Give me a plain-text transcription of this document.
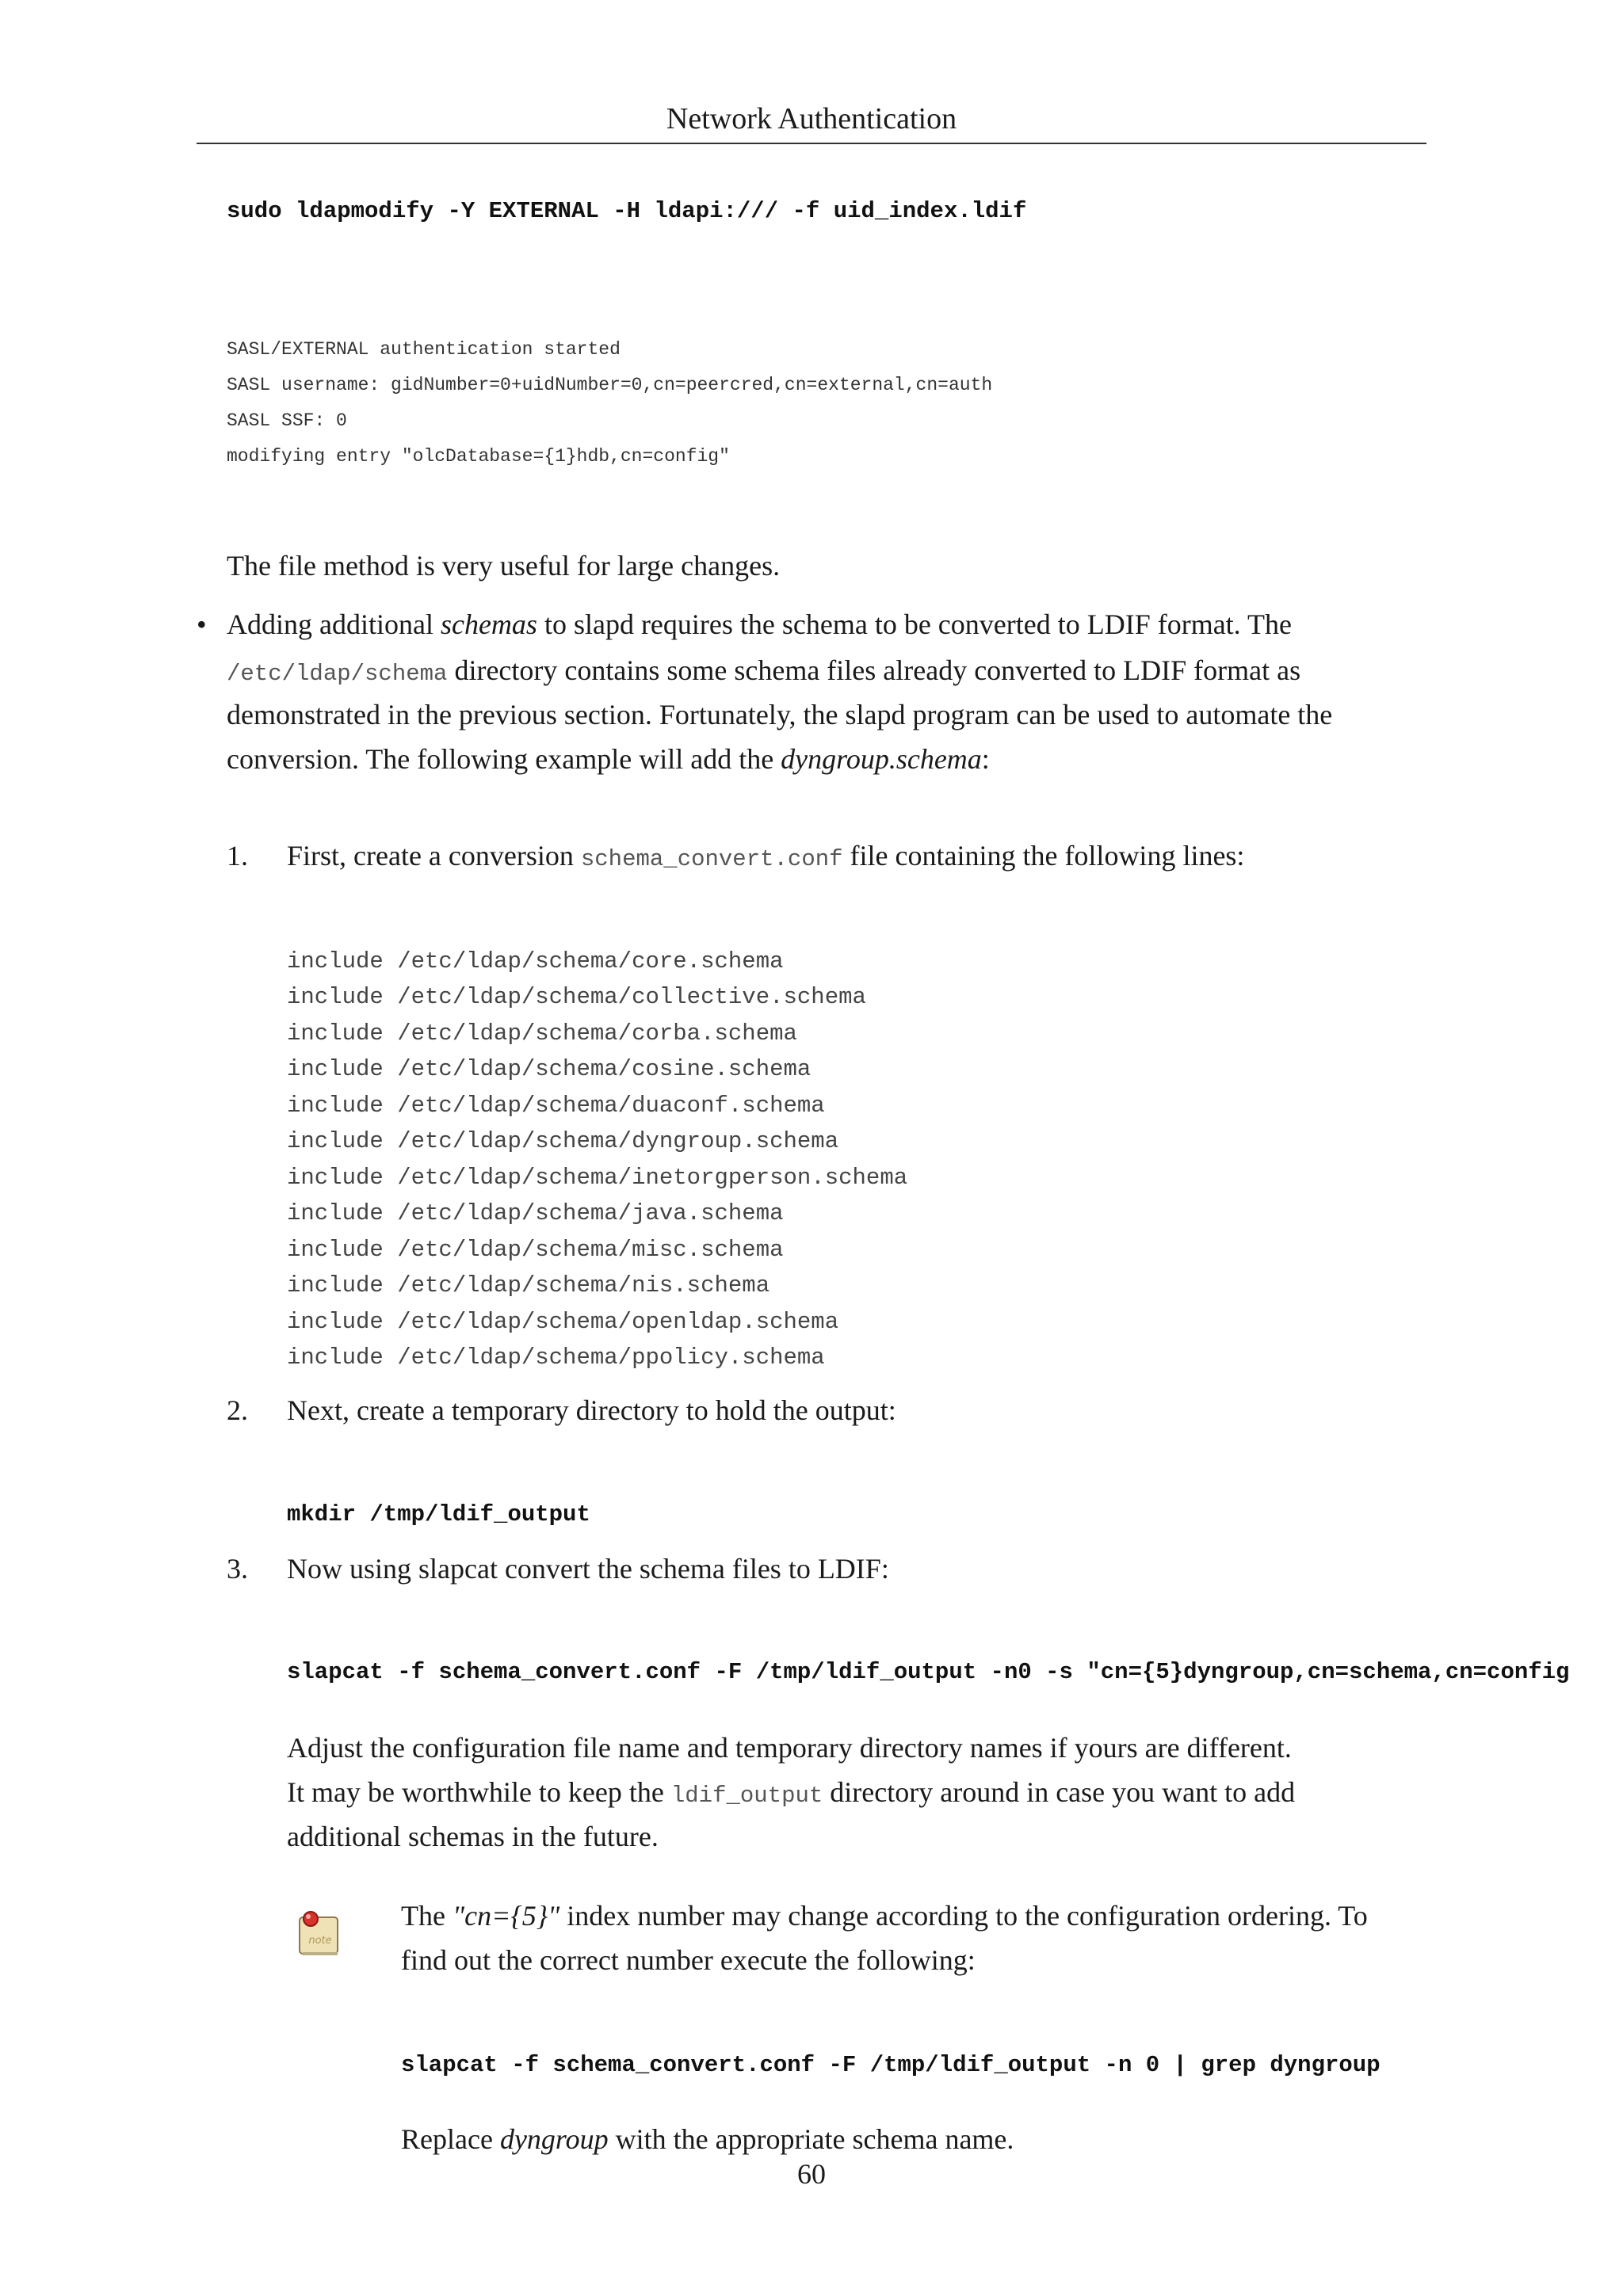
Network Authentication
sudo ldapmodify -Y EXTERNAL -H ldapi:/// -f uid_index.ldif
SASL/EXTERNAL authentication started
SASL username: gidNumber=0+uidNumber=0,cn=peercred,cn=external,cn=auth
SASL SSF: 0
modifying entry "olcDatabase={1}hdb,cn=config"
The file method is very useful for large changes.
• Adding additional schemas to slapd requires the schema to be converted to LDIF format. The
/etc/ldap/schema directory contains some schema files already converted to LDIF format as
demonstrated in the previous section. Fortunately, the slapd program can be used to automate the
conversion. The following example will add the dyngroup.schema:
1. First, create a conversion schema_convert.conf file containing the following lines:
include /etc/ldap/schema/core.schema
include /etc/ldap/schema/collective.schema
include /etc/ldap/schema/corba.schema
include /etc/ldap/schema/cosine.schema
include /etc/ldap/schema/duaconf.schema
include /etc/ldap/schema/dyngroup.schema
include /etc/ldap/schema/inetorgperson.schema
include /etc/ldap/schema/java.schema
include /etc/ldap/schema/misc.schema
include /etc/ldap/schema/nis.schema
include /etc/ldap/schema/openldap.schema
include /etc/ldap/schema/ppolicy.schema
2. Next, create a temporary directory to hold the output:
mkdir /tmp/ldif_output
3. Now using slapcat convert the schema files to LDIF:
slapcat -f schema_convert.conf -F /tmp/ldif_output -n0 -s "cn={5}dyngroup,cn=schema,cn=config
Adjust the configuration file name and temporary directory names if yours are different.
It may be worthwhile to keep the ldif_output directory around in case you want to add
additional schemas in the future.
note
The "cn={5}" index number may change according to the configuration ordering. To
find out the correct number execute the following:
slapcat -f schema_convert.conf -F /tmp/ldif_output -n 0 | grep dyngroup
Replace dyngroup with the appropriate schema name.
60
